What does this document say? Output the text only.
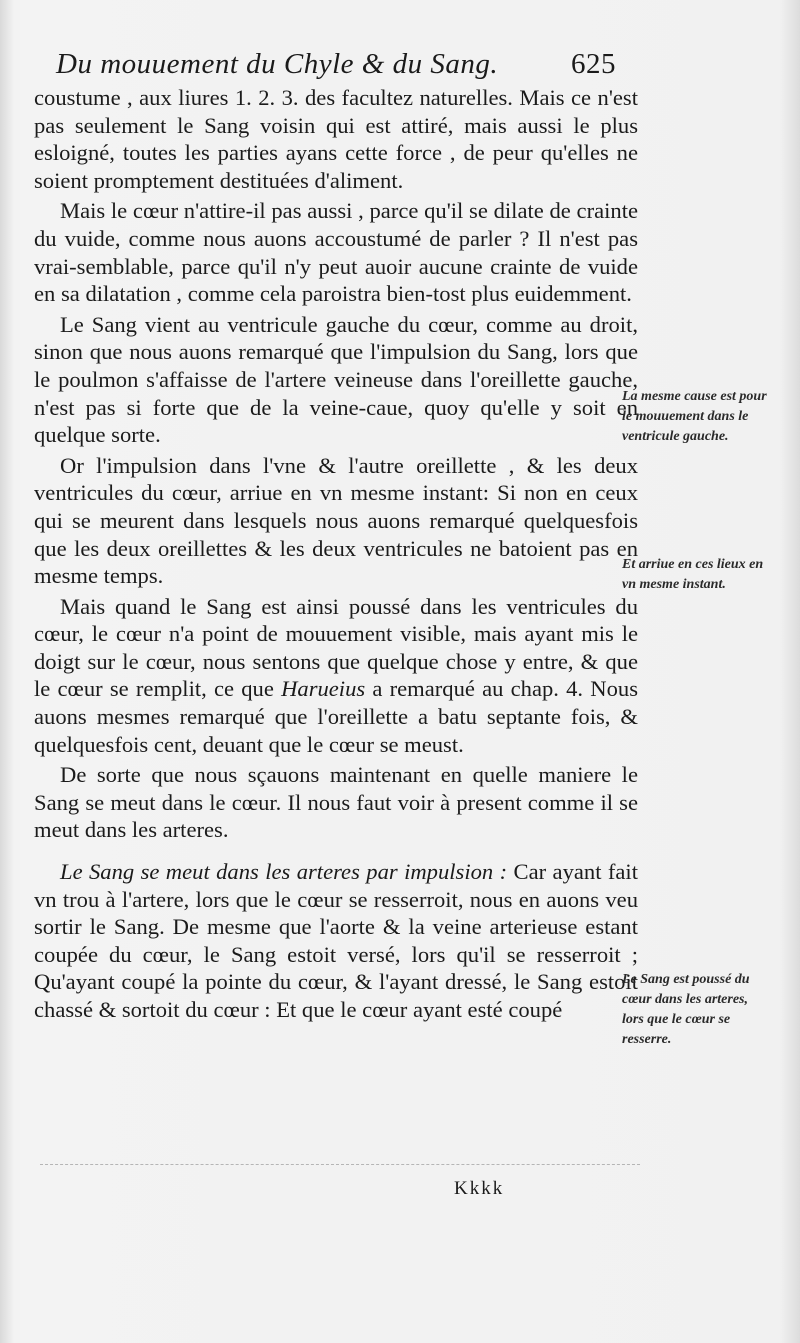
Du mouuement du Chyle & du Sang.	625

coustume , aux liures 1. 2. 3. des facultez naturelles. Mais ce n'est pas seulement le Sang voisin qui est attiré, mais aussi le plus esloigné, toutes les parties ayans cette force , de peur qu'elles ne soient promptement destituées d'aliment.

Mais le cœur n'attire-il pas aussi , parce qu'il se dilate de crainte du vuide, comme nous auons accoustumé de parler ? Il n'est pas vrai-semblable, parce qu'il n'y peut auoir aucune crainte de vuide en sa dilatation , comme cela paroistra bien-tost plus euidemment.

Le Sang vient au ventricule gauche du cœur, comme au droit, sinon que nous auons remarqué que l'impulsion du Sang, lors que le poulmon s'affaisse de l'artere veineuse dans l'oreillette gauche, n'est pas si forte que de la veine-caue, quoy qu'elle y soit en quelque sorte.

Or l'impulsion dans l'vne & l'autre oreillette , & les deux ventricules du cœur, arriue en vn mesme instant: Si non en ceux qui se meurent dans lesquels nous auons remarqué quelquesfois que les deux oreillettes & les deux ventricules ne batoient pas en mesme temps.

Mais quand le Sang est ainsi poussé dans les ventricules du cœur, le cœur n'a point de mouuement visible, mais ayant mis le doigt sur le cœur, nous sentons que quelque chose y entre, & que le cœur se remplit, ce que Harueius a remarqué au chap. 4. Nous auons mesmes remarqué que l'oreillette a batu septante fois, & quelquesfois cent, deuant que le cœur se meust.

De sorte que nous sçauons maintenant en quelle maniere le Sang se meut dans le cœur. Il nous faut voir à present comme il se meut dans les arteres.

Le Sang se meut dans les arteres par impulsion : Car ayant fait vn trou à l'artere, lors que le cœur se resserroit, nous en auons veu sortir le Sang. De mesme que l'aorte & la veine arterieuse estant coupée du cœur, le Sang estoit versé, lors qu'il se resserroit ; Qu'ayant coupé la pointe du cœur, & l'ayant dressé, le Sang estoit chassé & sortoit du cœur : Et que le cœur ayant esté coupé

La mesme cause est pour le mouuement dans le ventricule gauche.
Et arriue en ces lieux en vn mesme instant.
Le Sang est poussé du cœur dans les arteres, lors que le cœur se resserre.
Kkkk
